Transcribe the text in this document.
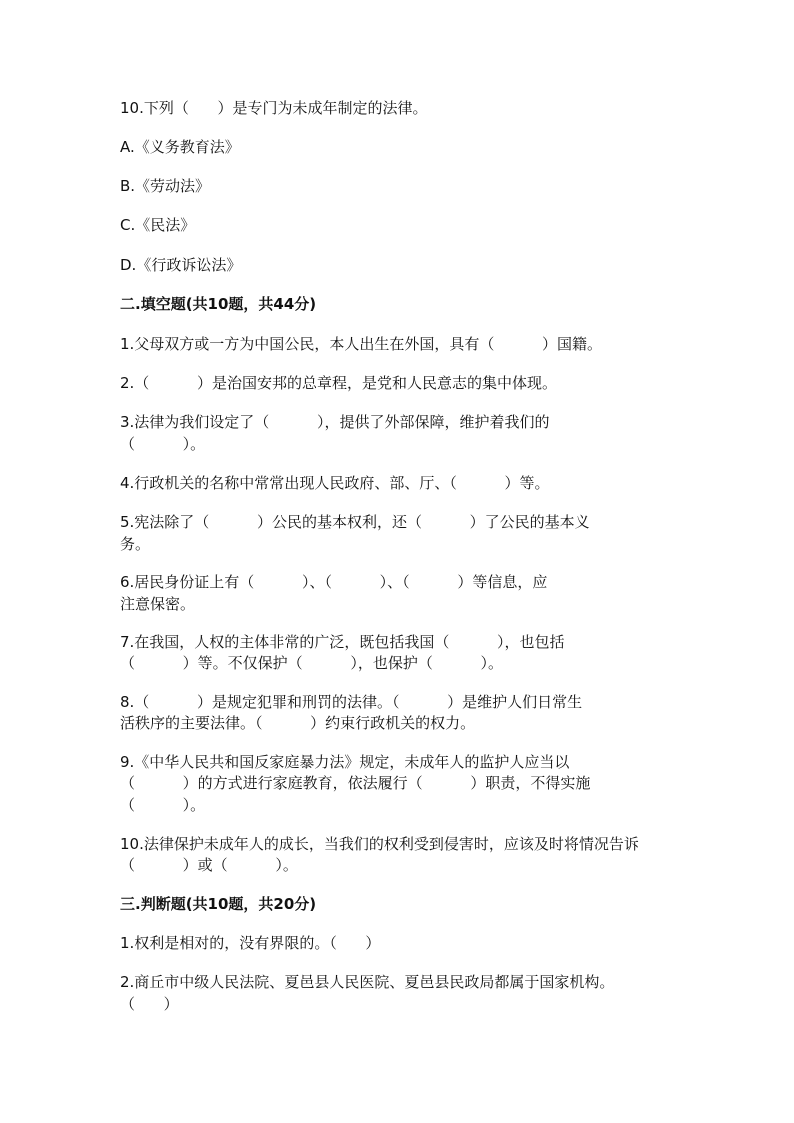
10.下列（      ）是专门为未成年制定的法律。
A.《义务教育法》
B.《劳动法》
C.《民法》
D.《行政诉讼法》
二.填空题(共10题，共44分)
1.父母双方或一方为中国公民，本人出生在外国，具有（          ）国籍。
2.（          ）是治国安邦的总章程，是党和人民意志的集中体现。
3.法律为我们设定了（          ），提供了外部保障，维护着我们的
（          ）。
4.行政机关的名称中常常出现人民政府、部、厅、（          ）等。
5.宪法除了（          ）公民的基本权利，还（          ）了公民的基本义
务。
6.居民身份证上有（          ）、（          ）、（          ）等信息，应
注意保密。
7.在我国，人权的主体非常的广泛，既包括我国（          ），也包括
（          ）等。不仅保护（          ），也保护（          ）。
8.（          ）是规定犯罪和刑罚的法律。（          ）是维护人们日常生
活秩序的主要法律。（          ）约束行政机关的权力。
9.《中华人民共和国反家庭暴力法》规定，未成年人的监护人应当以
（          ）的方式进行家庭教育，依法履行（          ）职责，不得实施
（          ）。
10.法律保护未成年人的成长，当我们的权利受到侵害时，应该及时将情况告诉
（          ）或（          ）。
三.判断题(共10题，共20分)
1.权利是相对的，没有界限的。（      ）
2.商丘市中级人民法院、夏邑县人民医院、夏邑县民政局都属于国家机构。
（      ）
